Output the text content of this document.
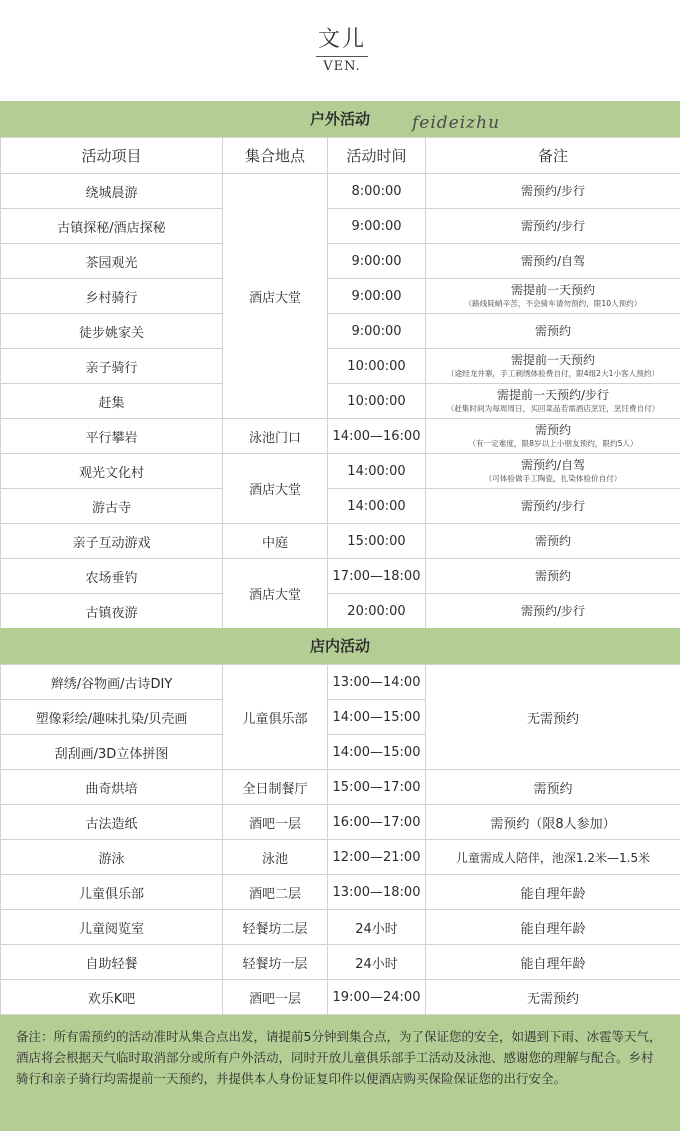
文儿
VEN.
户外活动 feideizhu
活动项目	集合地点	活动时间	备注
绕城晨游	酒店大堂	8:00:00	需预约/步行

古镇探秘/酒店探秘		9:00:00	需预约/步行

茶园观光		9:00:00	需预约/自驾

乡村骑行		9:00:00	需提前一天预约
（路线陡峭辛苦，不会骑车请勿预约，限10人预约）

徒步姚家关		9:00:00	需预约

亲子骑行		10:00:00	需提前一天预约
（途经龙井寨，手工刺绣体验费自付，限4组2大1小客人预约）

赶集		10:00:00	需提前一天预约/步行
（赶集时间为每周周日，买回菜品若需酒店烹饪，烹饪费自付）

平行攀岩	泳池门口	14:00—16:00	需预约
（有一定难度，限8岁以上小朋友预约，限约5人）

观光文化村	酒店大堂	14:00:00	需预约/自驾
（可体验做手工陶瓷，扎染体验价自付）

游古寺		14:00:00	需预约/步行

亲子互动游戏	中庭	15:00:00	需预约

农场垂钓	酒店大堂	17:00—18:00	需预约

古镇夜游		20:00:00	需预约/步行
店内活动
辫绣/谷物画/古诗DIY	儿童俱乐部	13:00—14:00	无需预约
塑像彩绘/趣味扎染/贝壳画		14:00—15:00	
刮刮画/3D立体拼图		14:00—15:00	
曲奇烘培	全日制餐厅	15:00—17:00	需预约
古法造纸	酒吧一层	16:00—17:00	需预约（限8人参加）
游泳	泳池	12:00—21:00	儿童需成人陪伴，池深1.2米—1.5米
儿童俱乐部	酒吧二层	13:00—18:00	能自理年龄
儿童阅览室	轻餐坊二层	24小时	能自理年龄
自助轻餐	轻餐坊一层	24小时	能自理年龄
欢乐K吧	酒吧一层	19:00—24:00	无需预约
备注：所有需预约的活动准时从集合点出发，请提前5分钟到集合点，为了保证您的安全，如遇到下雨、冰雹等天气，酒店将会根据天气临时取消部分或所有户外活动，同时开放儿童俱乐部手工活动及泳池、感谢您的理解与配合。乡村骑行和亲子骑行均需提前一天预约，并提供本人身份证复印件以便酒店购买保险保证您的出行安全。
